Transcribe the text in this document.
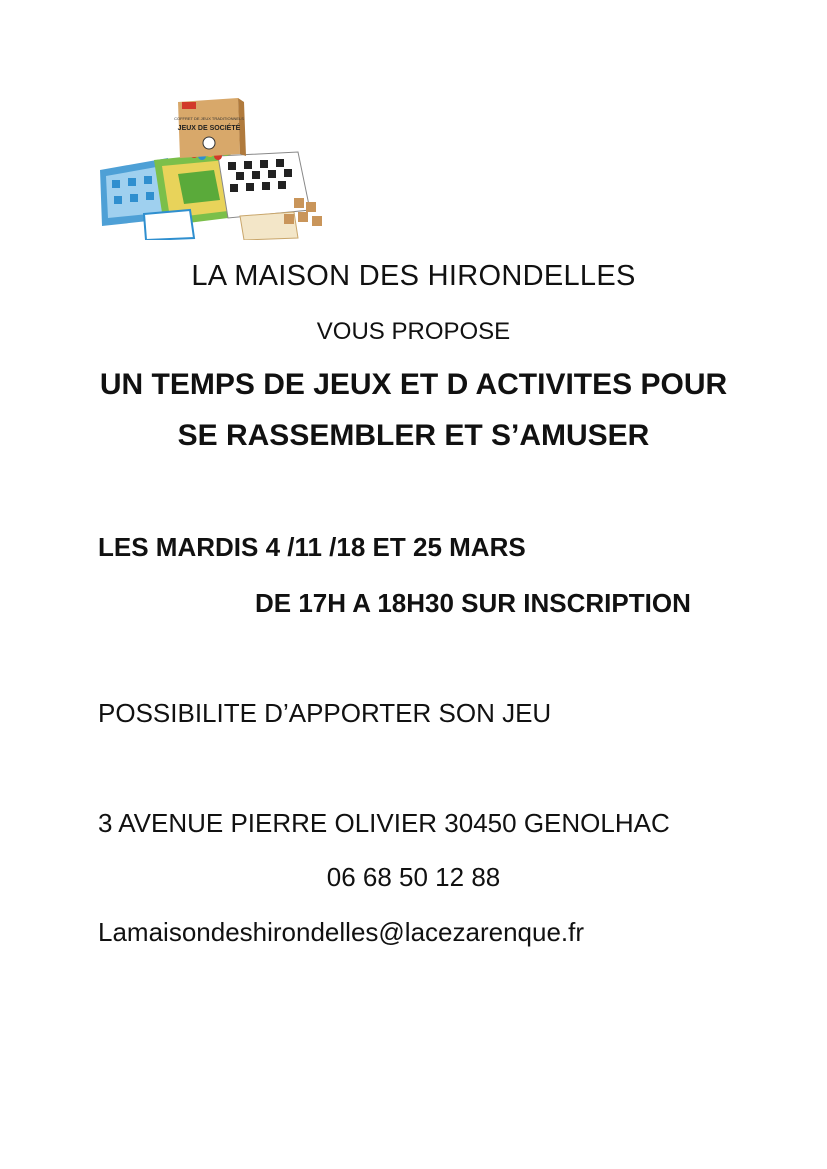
COFFRET DE JEUX TRADITIONNELS
JEUX DE SOCIÉTÉ
LA MAISON DES HIRONDELLES
VOUS PROPOSE
UN TEMPS DE JEUX ET D ACTIVITES POUR
SE RASSEMBLER ET S’AMUSER
LES MARDIS 4 /11 /18 ET 25 MARS
DE 17H A 18H30 SUR INSCRIPTION
POSSIBILITE D’APPORTER SON JEU
3 AVENUE PIERRE OLIVIER 30450 GENOLHAC
06 68 50 12 88
Lamaisondeshirondelles@lacezarenque.fr
